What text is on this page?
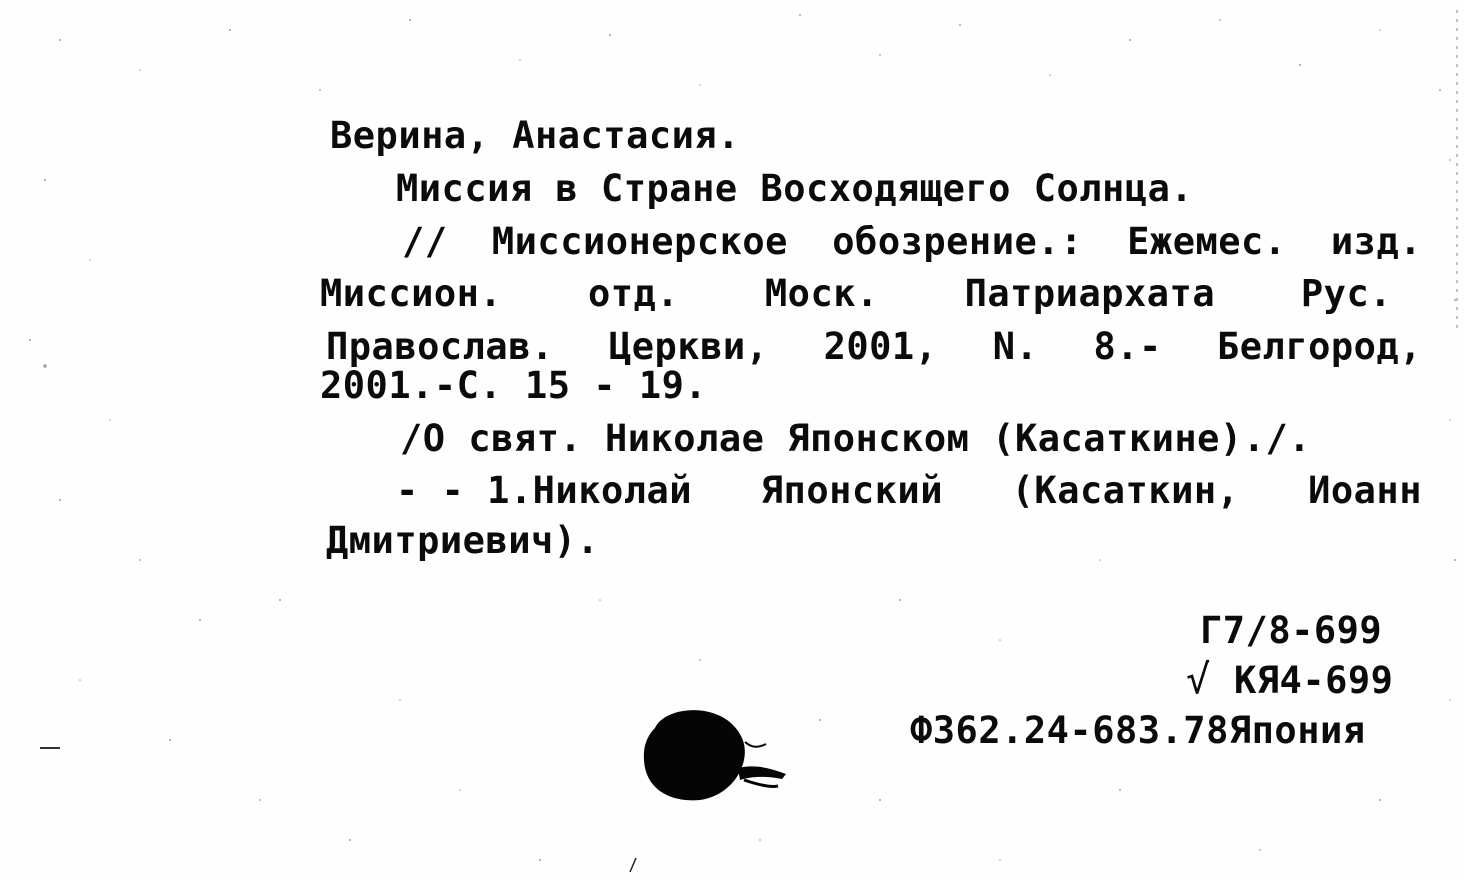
Верина, Анастасия.
Миссия в Стране Восходящего Солнца.
// Миссионерское обозрение.: Ежемес. изд.
Миссион. отд. Моск. Патриархата Рус.
Православ. Церкви, 2001, N. 8.- Белгород,
2001.-С. 15 - 19.
/О свят. Николае Японском (Касаткине)./.
- - 1.Николай Японский (Касаткин, Иоанн
Дмитриевич).
Г7/8-699
√ КЯ4-699
Ф362.24-683.78Япония
